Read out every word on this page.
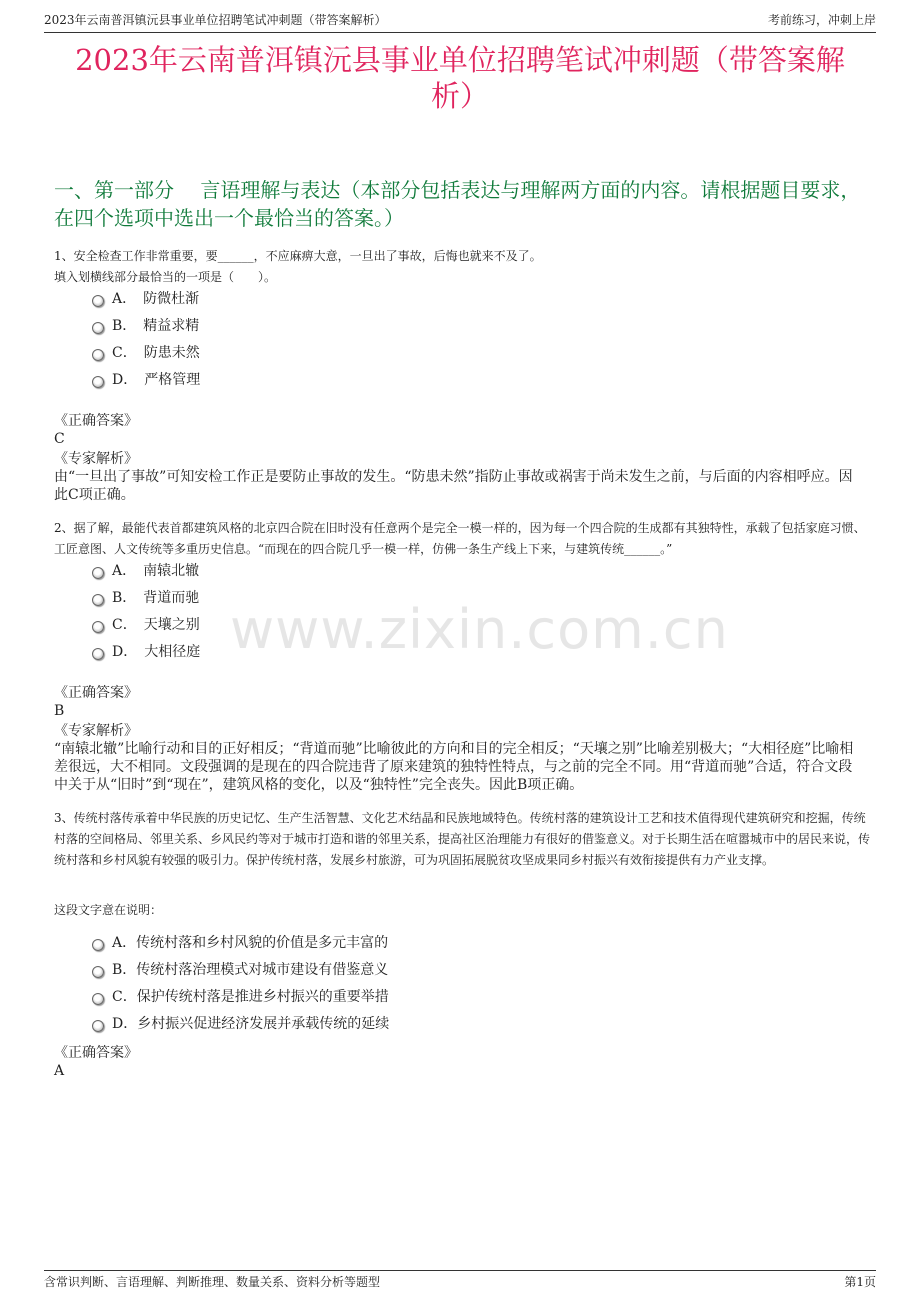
2023年云南普洱镇沅县事业单位招聘笔试冲刺题（带答案解析）	考前练习，冲刺上岸
2023年云南普洱镇沅县事业单位招聘笔试冲刺题（带答案解析）
一、第一部分　 言语理解与表达（本部分包括表达与理解两方面的内容。请根据题目要求，在四个选项中选出一个最恰当的答案。）

1、安全检查工作非常重要，要______，不应麻痹大意，一旦出了事故，后悔也就来不及了。

填入划横线部分最恰当的一项是（　　）。

A．　防微杜渐
B．　精益求精
C．　防患未然
D．　严格管理
《正确答案》
C
《专家解析》
由“一旦出了事故”可知安检工作正是要防止事故的发生。“防患未然”指防止事故或祸害于尚未发生之前，与后面的内容相呼应。因此C项正确。

2、据了解，最能代表首都建筑风格的北京四合院在旧时没有任意两个是完全一模一样的，因为每一个四合院的生成都有其独特性，承载了包括家庭习惯、工匠意图、人文传统等多重历史信息。“而现在的四合院几乎一模一样，仿佛一条生产线上下来，与建筑传统______。”

A．　南辕北辙
B．　背道而驰
C．　天壤之别
D．　大相径庭
《正确答案》
B
《专家解析》
“南辕北辙”比喻行动和目的正好相反；“背道而驰”比喻彼此的方向和目的完全相反；“天壤之别”比喻差别极大；“大相径庭”比喻相差很远，大不相同。文段强调的是现在的四合院违背了原来建筑的独特性特点，与之前的完全不同。用“背道而驰”合适，符合文段中关于从“旧时”到“现在”，建筑风格的变化，以及“独特性”完全丧失。因此B项正确。

3、传统村落传承着中华民族的历史记忆、生产生活智慧、文化艺术结晶和民族地域特色。传统村落的建筑设计工艺和技术值得现代建筑研究和挖掘，传统村落的空间格局、邻里关系、乡风民约等对于城市打造和谐的邻里关系，提高社区治理能力有很好的借鉴意义。对于长期生活在喧嚣城市中的居民来说，传统村落和乡村风貌有较强的吸引力。保护传统村落，发展乡村旅游，可为巩固拓展脱贫攻坚成果同乡村振兴有效衔接提供有力产业支撑。

这段文字意在说明：
A．传统村落和乡村风貌的价值是多元丰富的
B．传统村落治理模式对城市建设有借鉴意义
C．保护传统村落是推进乡村振兴的重要举措
D．乡村振兴促进经济发展并承载传统的延续
《正确答案》
A
www.zixin.com.cn
含常识判断、言语理解、判断推理、数量关系、资料分析等题型	第1页
